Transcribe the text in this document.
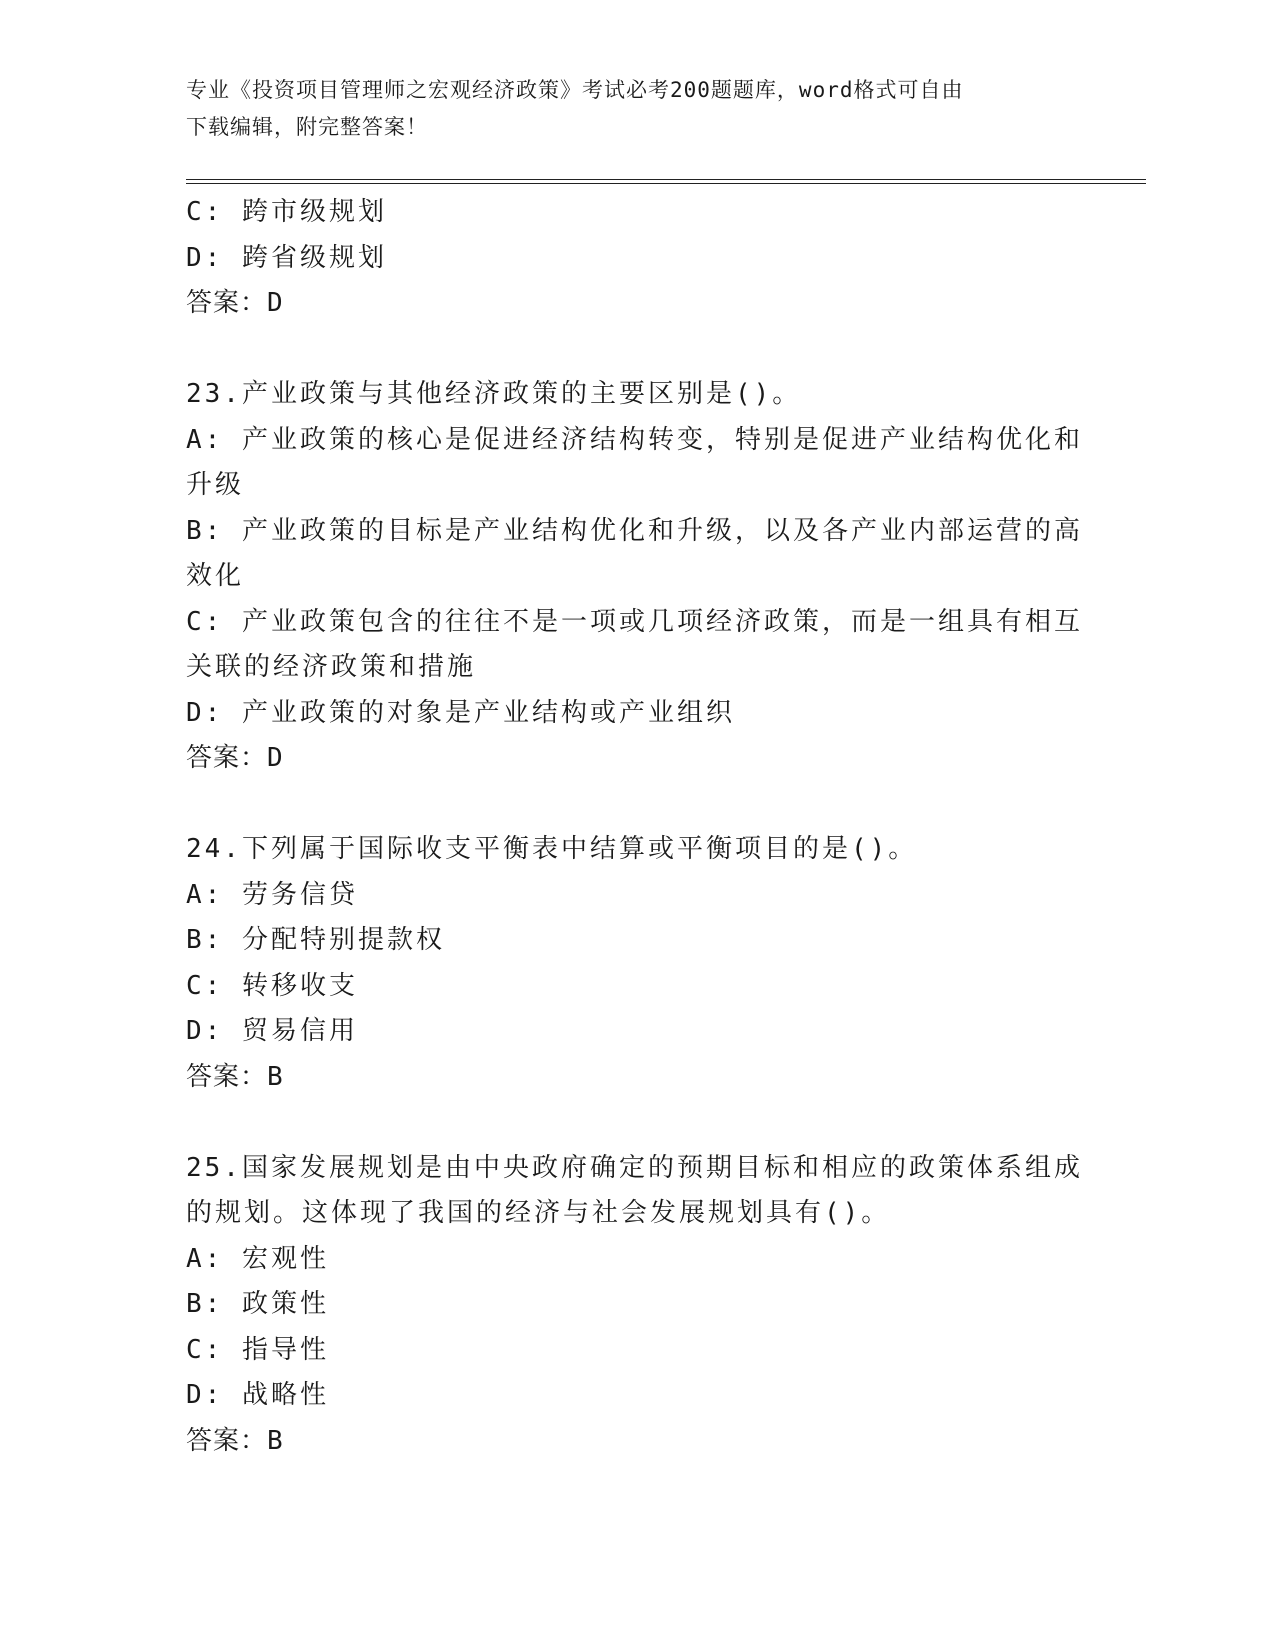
专业《投资项目管理师之宏观经济政策》考试必考200题题库，word格式可自由
下载编辑，附完整答案！
C: 跨市级规划
D: 跨省级规划
答案：D
23.产业政策与其他经济政策的主要区别是()。
A: 产业政策的核心是促进经济结构转变，特别是促进产业结构优化和
升级
B: 产业政策的目标是产业结构优化和升级，以及各产业内部运营的高
效化
C: 产业政策包含的往往不是一项或几项经济政策，而是一组具有相互
关联的经济政策和措施
D: 产业政策的对象是产业结构或产业组织
答案：D
24.下列属于国际收支平衡表中结算或平衡项目的是()。
A: 劳务信贷
B: 分配特别提款权
C: 转移收支
D: 贸易信用
答案：B
25.国家发展规划是由中央政府确定的预期目标和相应的政策体系组成
的规划。这体现了我国的经济与社会发展规划具有()。
A: 宏观性
B: 政策性
C: 指导性
D: 战略性
答案：B
